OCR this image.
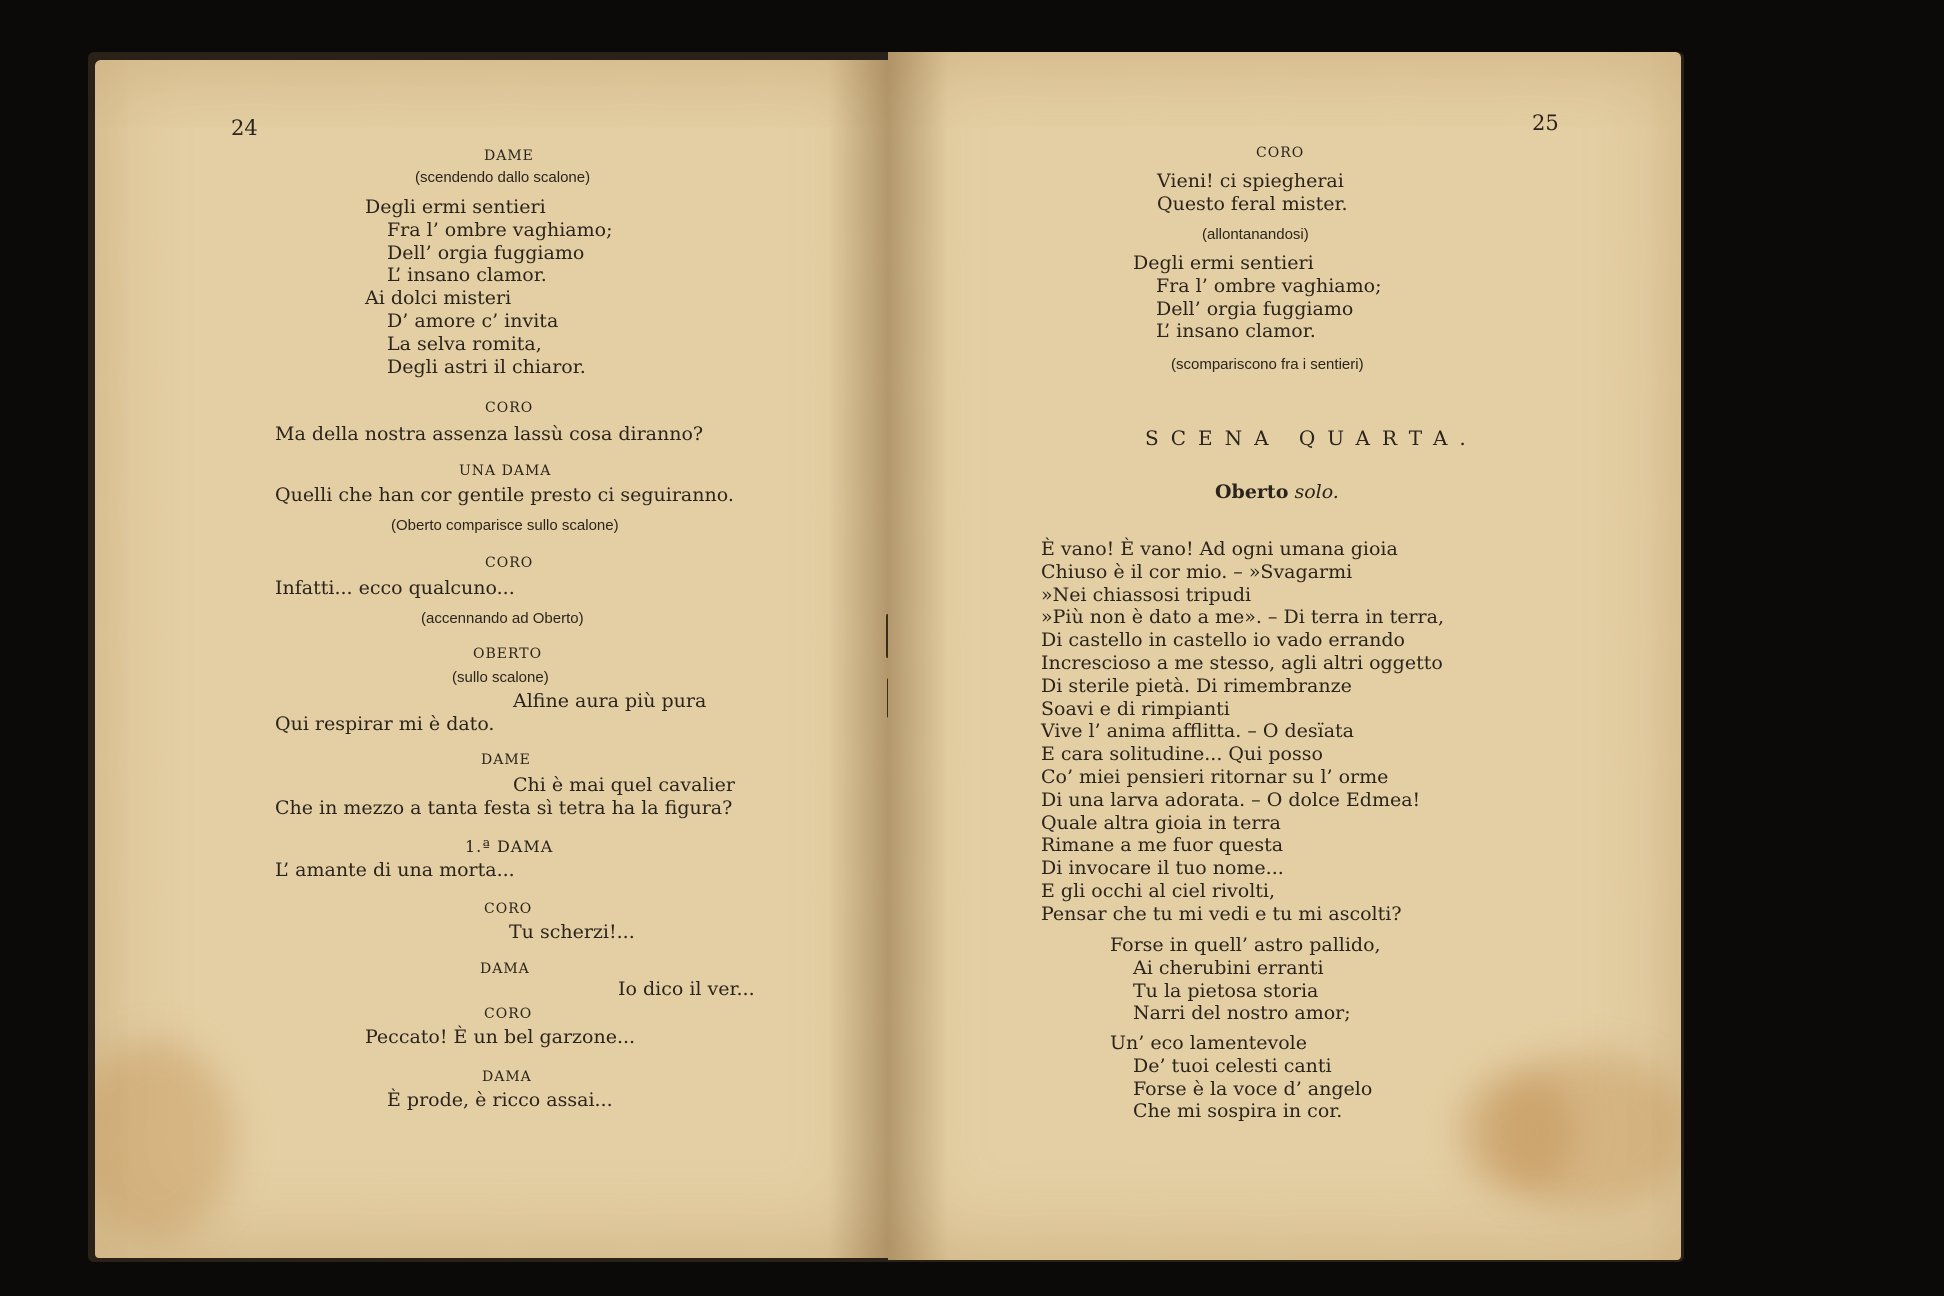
24
DAME
(scendendo dallo scalone)
Degli ermi sentieri
Fra l’ ombre vaghiamo;
Dell’ orgia fuggiamo
L’ insano clamor.
Ai dolci misteri
D’ amore c’ invita
La selva romita,
Degli astri il chiaror.
CORO
Ma della nostra assenza lassù cosa diranno?
UNA DAMA
Quelli che han cor gentile presto ci seguiranno.
(Oberto comparisce sullo scalone)
CORO
Infatti... ecco qualcuno...
(accennando ad Oberto)
OBERTO
(sullo scalone)
Alfine aura più pura
Qui respirar mi è dato.
DAME
Chi è mai quel cavalier
Che in mezzo a tanta festa sì tetra ha la figura?
1.ª DAMA
L’ amante di una morta...
CORO
Tu scherzi!...
DAMA
Io dico il ver...
CORO
Peccato! È un bel garzone...
DAMA
È prode, è ricco assai...
25
CORO
Vieni! ci spiegherai
Questo feral mister.
(allontanandosi)
Degli ermi sentieri
Fra l’ ombre vaghiamo;
Dell’ orgia fuggiamo
L’ insano clamor.
(scompariscono fra i sentieri)
SCENA QUARTA.
Oberto solo.
È vano! È vano! Ad ogni umana gioia
Chiuso è il cor mio. – »Svagarmi
»Nei chiassosi tripudi
»Più non è dato a me». – Di terra in terra,
Di castello in castello io vado errando
Increscioso a me stesso, agli altri oggetto
Di sterile pietà. Di rimembranze
Soavi e di rimpianti
Vive l’ anima afflitta. – O desïata
E cara solitudine... Qui posso
Co’ miei pensieri ritornar su l’ orme
Di una larva adorata. – O dolce Edmea!
Quale altra gioia in terra
Rimane a me fuor questa
Di invocare il tuo nome...
E gli occhi al ciel rivolti,
Pensar che tu mi vedi e tu mi ascolti?
Forse in quell’ astro pallido,
Ai cherubini erranti
Tu la pietosa storia
Narri del nostro amor;
Un’ eco lamentevole
De’ tuoi celesti canti
Forse è la voce d’ angelo
Che mi sospira in cor.
